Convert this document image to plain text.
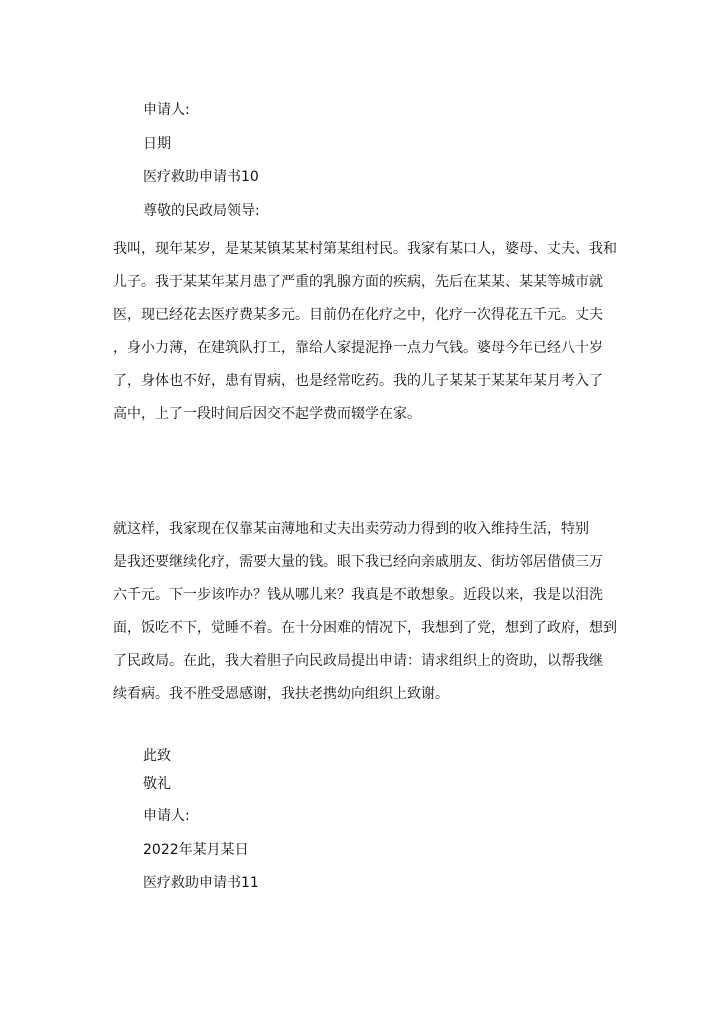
申请人:
日期
医疗救助申请书10
尊敬的民政局领导:
我叫，现年某岁，是某某镇某某村第某组村民。我家有某口人，婆母、丈夫、我和
儿子。我于某某年某月患了严重的乳腺方面的疾病，先后在某某、某某等城市就
医，现已经花去医疗费某多元。目前仍在化疗之中，化疗一次得花五千元。丈夫
，身小力薄，在建筑队打工，靠给人家提泥挣一点力气钱。婆母今年已经八十岁
了，身体也不好，患有胃病，也是经常吃药。我的儿子某某于某某年某月考入了
高中，上了一段时间后因交不起学费而辍学在家。
就这样，我家现在仅靠某亩薄地和丈夫出卖劳动力得到的收入维持生活，特别
是我还要继续化疗，需要大量的钱。眼下我已经向亲戚朋友、街坊邻居借债三万
六千元。下一步该咋办？钱从哪儿来？我真是不敢想象。近段以来，我是以泪洗
面，饭吃不下，觉睡不着。在十分困难的情况下，我想到了党，想到了政府，想到
了民政局。在此，我大着胆子向民政局提出申请：请求组织上的资助，以帮我继
续看病。我不胜受恩感谢，我扶老携幼向组织上致谢。
此致
敬礼
申请人:
2022年某月某日
医疗救助申请书11
